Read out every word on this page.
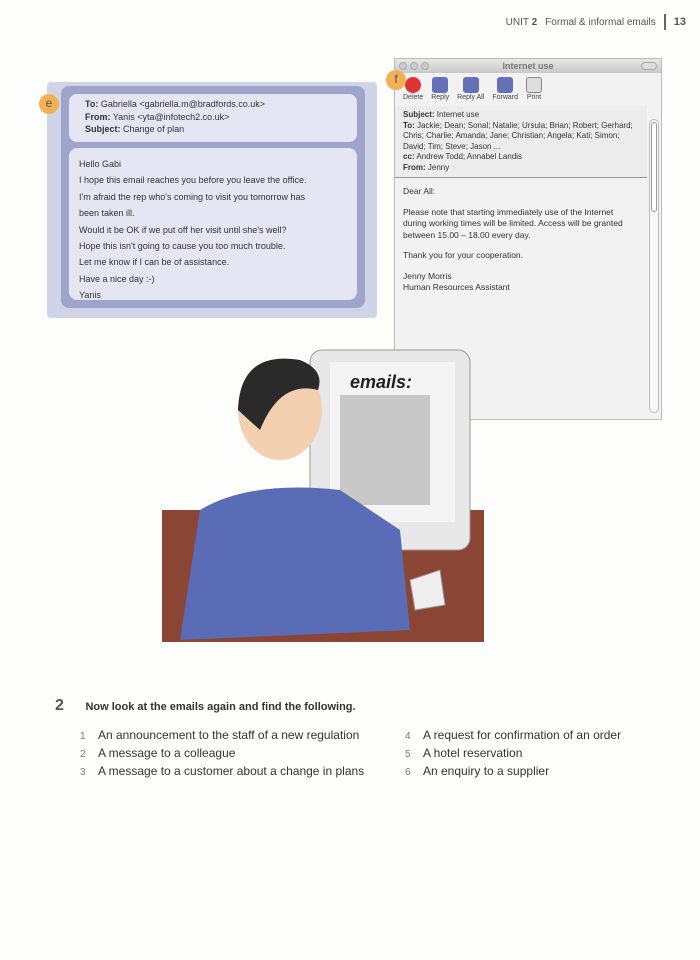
UNIT 2 Formal & informal emails 13
To: Gabriella <gabriella.m@bradfords.co.uk>
From: Yanis <yta@infotech2.co.uk>
Subject: Change of plan
Hello Gabi
I hope this email reaches you before you leave the office.
I'm afraid the rep who's coming to visit you tomorrow has
been taken ill.
Would it be OK if we put off her visit until she's well?
Hope this isn't going to cause you too much trouble.
Let me know if I can be of assistance.
Have a nice day :-)
Yanis
e
Internet use
Delete Reply Reply All Forward Print
Subject: Internet use
To: Jackie; Dean; Sonal; Natalie; Ursula; Brian; Robert; Gerhard; Chris; Charlie; Amanda; Jane; Christian; Angela; Kati; Simon; David; Tim; Steve; Jason ...
cc: Andrew Todd; Annabel Landis
From: Jenny

Dear All:

Please note that starting immediately use of the Internet during working times will be limited. Access will be granted between 15.00 – 18.00 every day.

Thank you for your cooperation.

Jenny Morris
Human Resources Assistant
f
emails:
2 Now look at the emails again and find the following.
1 An announcement to the staff of a new regulation	4 A request for confirmation of an order
2 A message to a colleague	5 A hotel reservation
3 A message to a customer about a change in plans	6 An enquiry to a supplier
